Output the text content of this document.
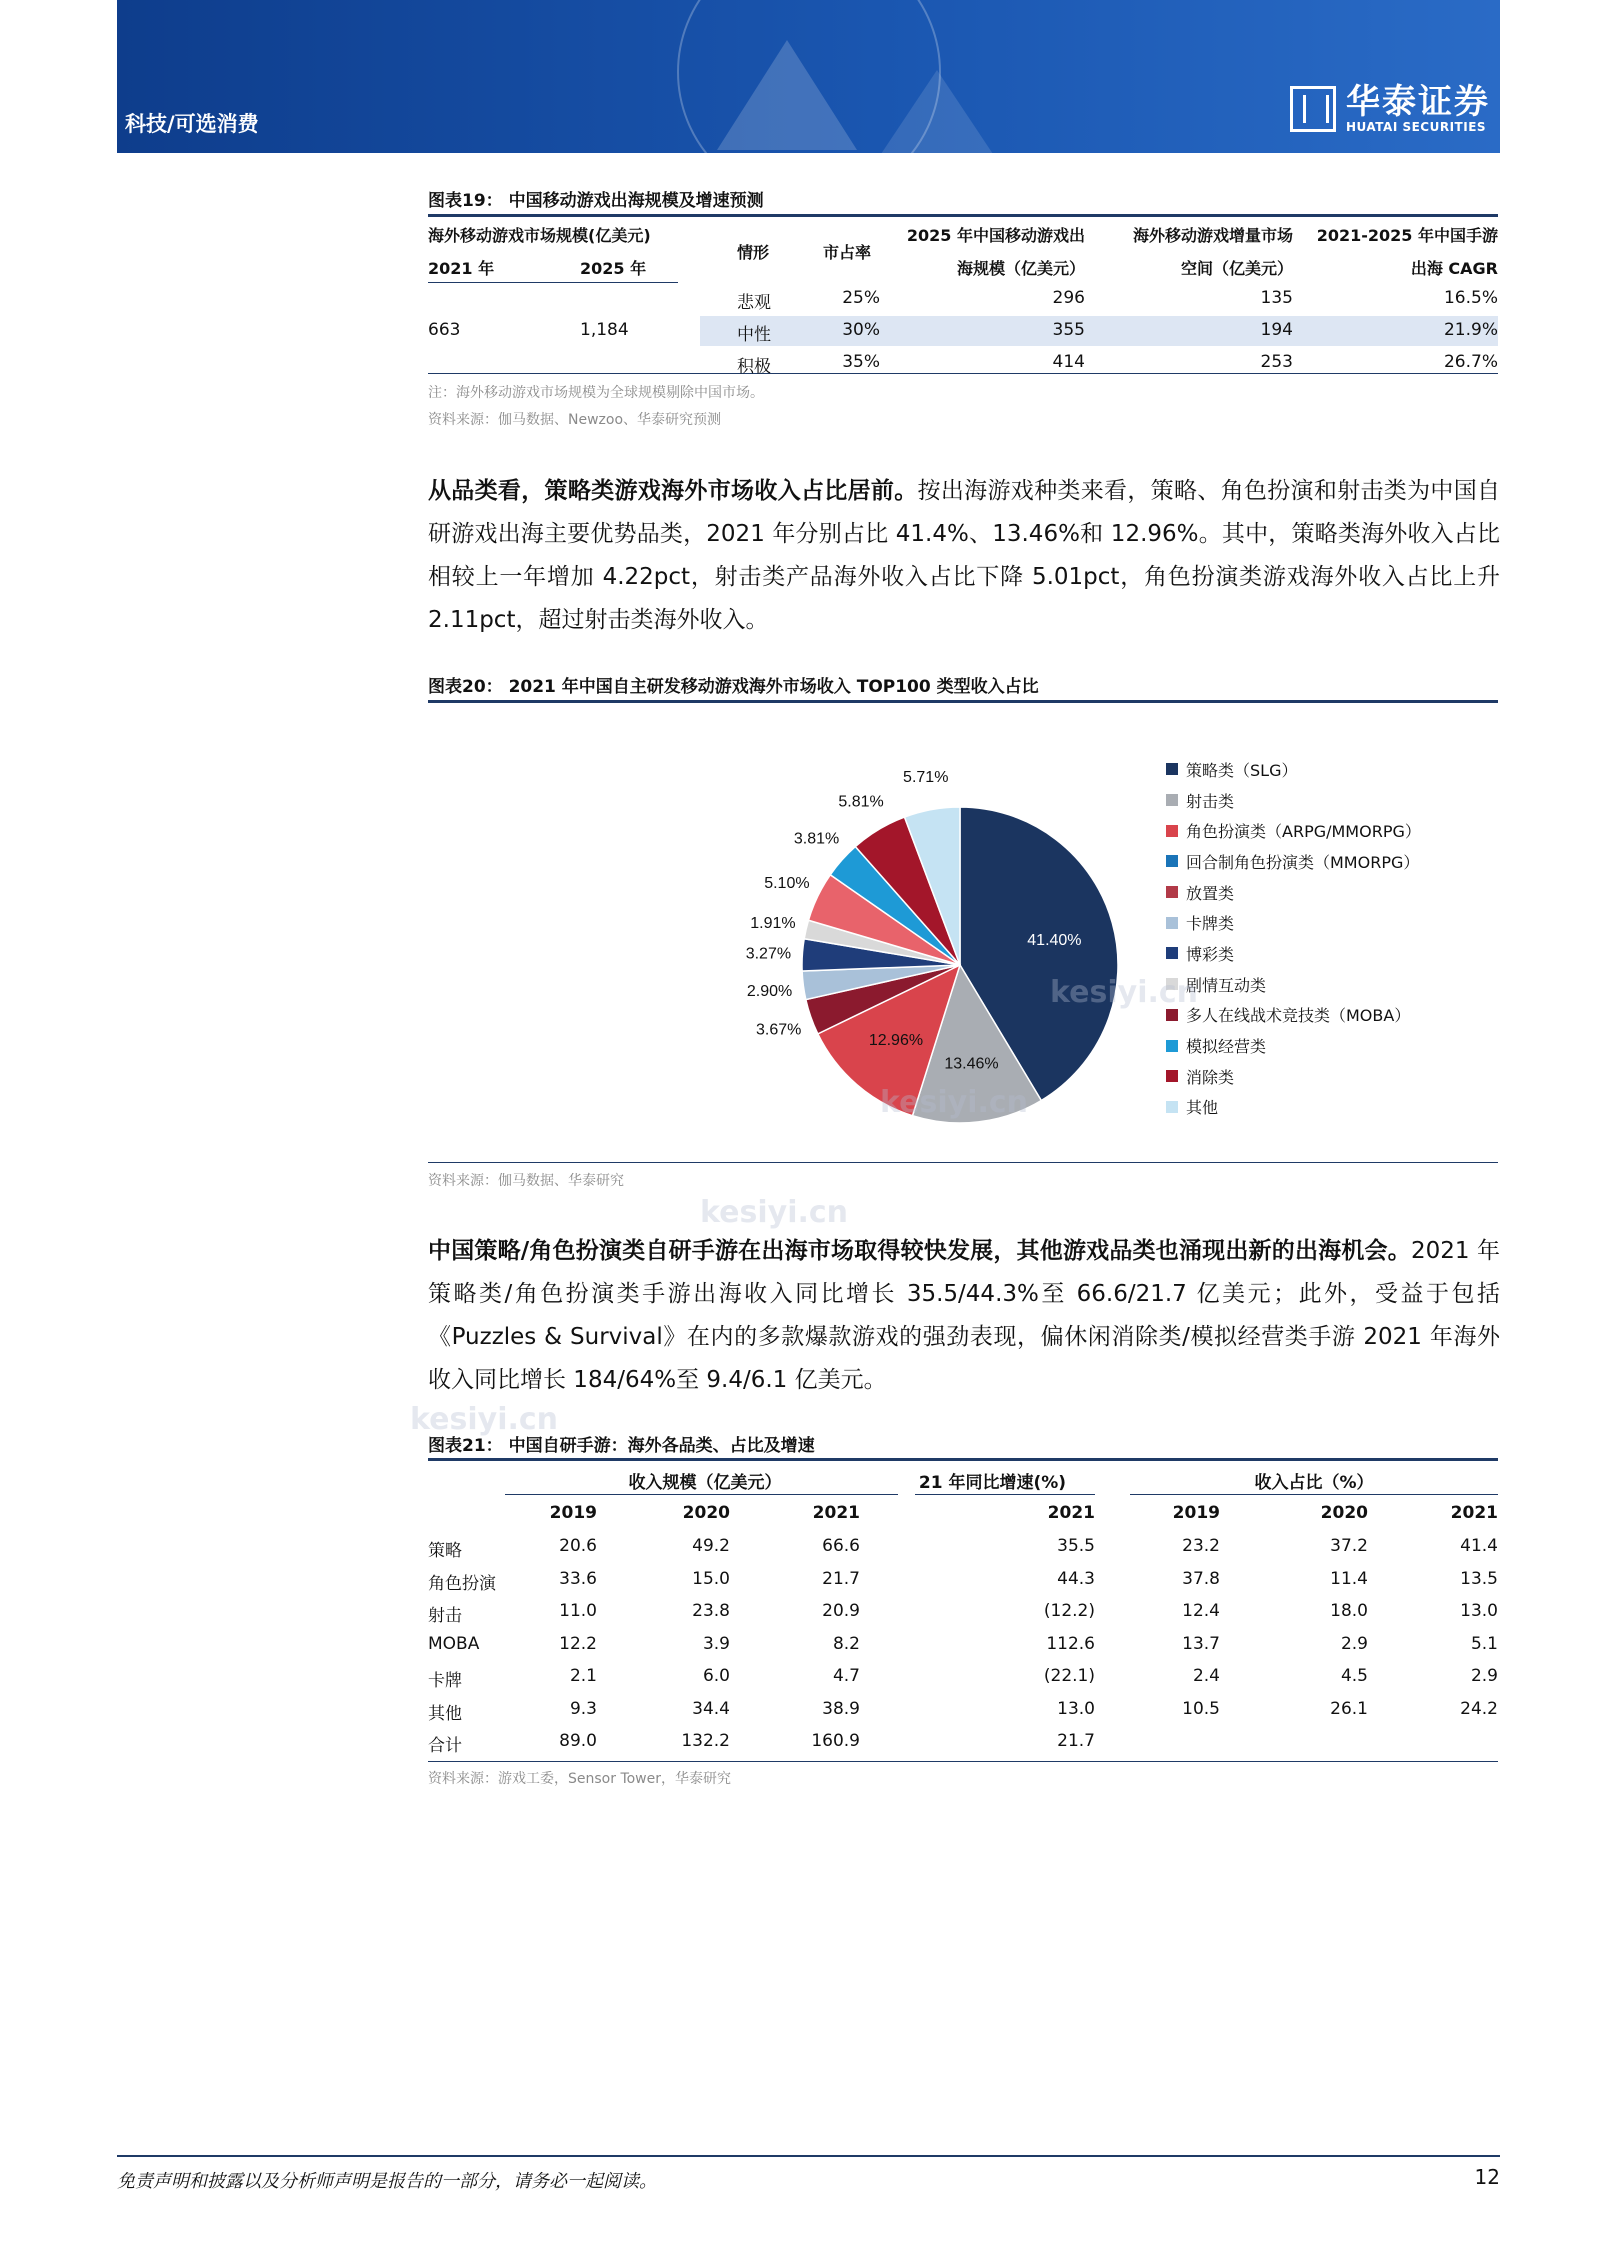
科技/可选消费
华泰证券
HUATAI SECURITIES
图表19： 中国移动游戏出海规模及增速预测
海外移动游戏市场规模(亿美元)
2021 年	2025 年
情形	市占率
2025 年中国移动游戏出
海规模（亿美元）
海外移动游戏增量市场
空间（亿美元）
2021-2025 年中国手游
出海 CAGR
663	1,184
悲观	25%	296	135	16.5%
中性	30%	355	194	21.9%
积极	35%	414	253	26.7%
注：海外移动游戏市场规模为全球规模剔除中国市场。
资料来源：伽马数据、Newzoo、华泰研究预测
从品类看，策略类游戏海外市场收入占比居前。按出海游戏种类来看，策略、角色扮演和射击类为中国自研游戏出海主要优势品类，2021 年分别占比 41.4%、13.46%和 12.96%。其中，策略类海外收入占比相较上一年增加 4.22pct，射击类产品海外收入占比下降 5.01pct，角色扮演类游戏海外收入占比上升 2.11pct，超过射击类海外收入。
图表20： 2021 年中国自主研发移动游戏海外市场收入 TOP100 类型收入占比
41.40%
13.46%
12.96%
3.67%
2.90%
3.27%
1.91%
5.10%
3.81%
5.81%
5.71%	策略类（SLG）
射击类
角色扮演类（ARPG/MMORPG）
回合制角色扮演类（MMORPG）
放置类
卡牌类
博彩类
剧情互动类
多人在线战术竞技类（MOBA）
模拟经营类
消除类
其他
资料来源：伽马数据、华泰研究
中国策略/角色扮演类自研手游在出海市场取得较快发展，其他游戏品类也涌现出新的出海机会。2021 年策略类/角色扮演类手游出海收入同比增长 35.5/44.3%至 66.6/21.7 亿美元；此外，受益于包括《Puzzles & Survival》在内的多款爆款游戏的强劲表现，偏休闲消除类/模拟经营类手游 2021 年海外收入同比增长 184/64%至 9.4/6.1 亿美元。
图表21： 中国自研手游：海外各品类、占比及增速
收入规模（亿美元）	21 年同比增速(%)	收入占比（%）
2019	2020	2021	2021	2019	2020	2021
策略	20.6	49.2	66.6	35.5	23.2	37.2	41.4
角色扮演	33.6	15.0	21.7	44.3	37.8	11.4	13.5
射击	11.0	23.8	20.9	(12.2)	12.4	18.0	13.0
MOBA	12.2	3.9	8.2	112.6	13.7	2.9	5.1
卡牌	2.1	6.0	4.7	(22.1)	2.4	4.5	2.9
其他	9.3	34.4	38.9	13.0	10.5	26.1	24.2
合计	89.0	132.2	160.9	21.7
资料来源：游戏工委，Sensor Tower，华泰研究
kesiyi.cn
kesiyi.cn
kesiyi.cn
kesiyi.cn
免责声明和披露以及分析师声明是报告的一部分，请务必一起阅读。	12
